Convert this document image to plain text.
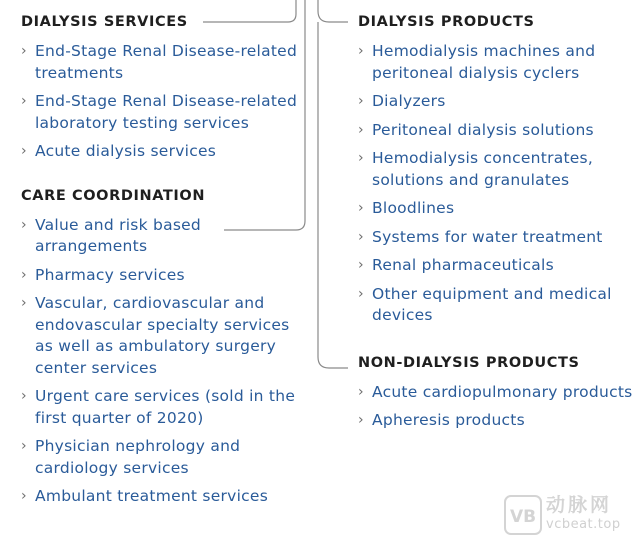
DIALYSIS SERVICES
› End-Stage Renal Disease-related treatments
› End-Stage Renal Disease-related laboratory testing services
› Acute dialysis services
CARE COORDINATION
› Value and risk based arrangements
› Pharmacy services
› Vascular, cardiovascular and endovascular specialty services as well as ambulatory surgery center services
› Urgent care services (sold in the first quarter of 2020)
› Physician nephrology and cardiology services
› Ambulant treatment services
DIALYSIS PRODUCTS
› Hemodialysis machines and peritoneal dialysis cyclers
› Dialyzers
› Peritoneal dialysis solutions
› Hemodialysis concentrates, solutions and granulates
› Bloodlines
› Systems for water treatment
› Renal pharmaceuticals
› Other equipment and medical devices
NON-DIALYSIS PRODUCTS
› Acute cardiopulmonary products
› Apheresis products
VB
动脉网
vcbeat.top
